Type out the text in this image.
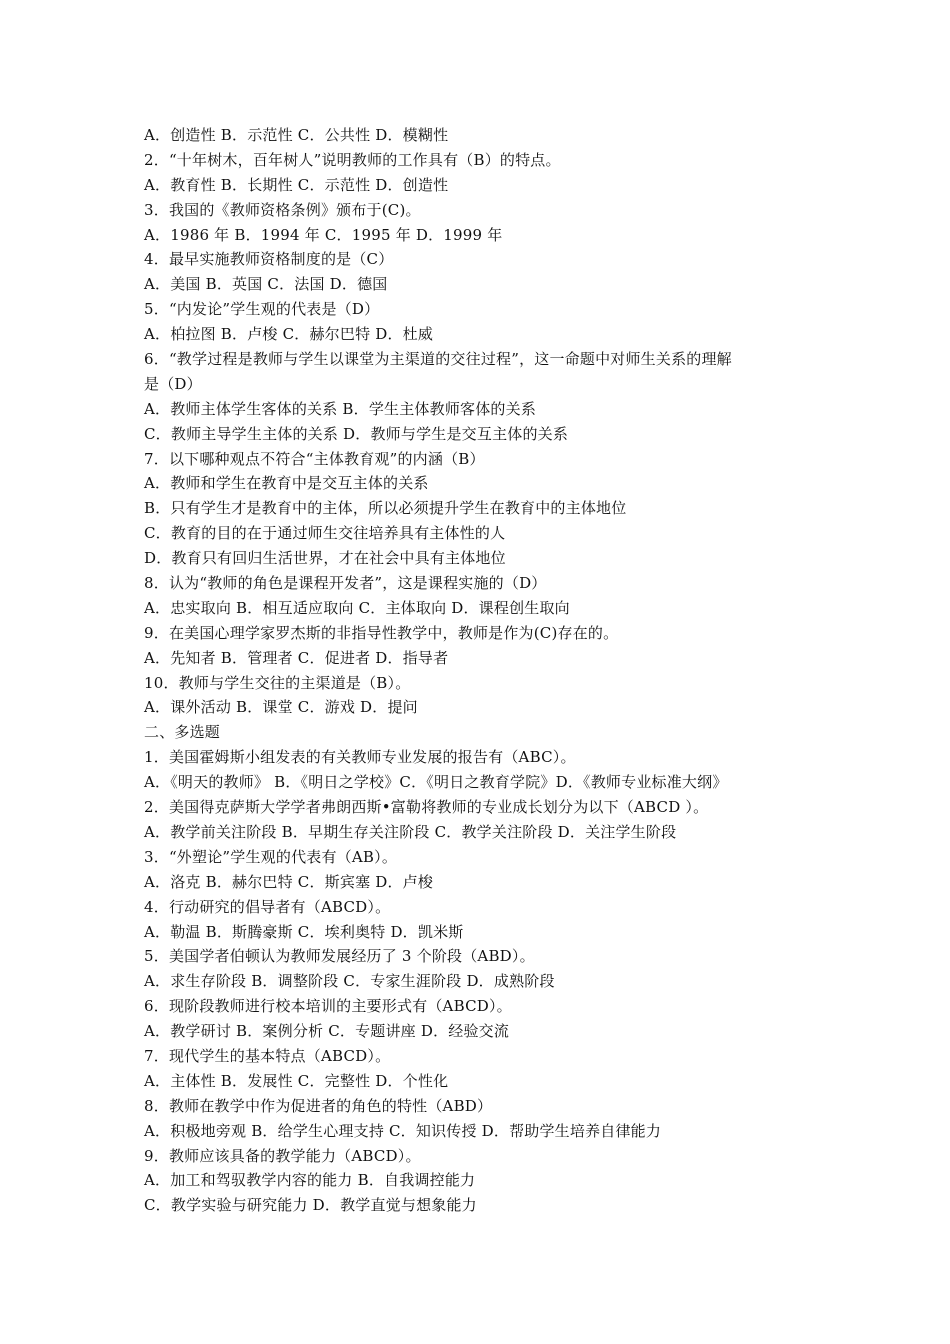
A．创造性 B．示范性 C．公共性 D．模糊性
2．“十年树木，百年树人”说明教师的工作具有（B）的特点。
A．教育性 B．长期性 C．示范性 D．创造性
3．我国的《教师资格条例》颁布于(C)。
A．1986 年 B．1994 年 C．1995 年 D．1999 年
4．最早实施教师资格制度的是（C）
A．美国 B．英国 C．法国 D．德国
5．“内发论”学生观的代表是（D）
A．柏拉图 B．卢梭 C．赫尔巴特 D．杜威
6．“教学过程是教师与学生以课堂为主渠道的交往过程”，这一命题中对师生关系的理解
是（D）
A．教师主体学生客体的关系 B．学生主体教师客体的关系
C．教师主导学生主体的关系 D．教师与学生是交互主体的关系
7．以下哪种观点不符合“主体教育观”的内涵（B）
A．教师和学生在教育中是交互主体的关系
B．只有学生才是教育中的主体，所以必须提升学生在教育中的主体地位
C．教育的目的在于通过师生交往培养具有主体性的人
D．教育只有回归生活世界，才在社会中具有主体地位
8．认为“教师的角色是课程开发者”，这是课程实施的（D）
A．忠实取向 B．相互适应取向 C．主体取向 D．课程创生取向
9．在美国心理学家罗杰斯的非指导性教学中，教师是作为(C)存在的。
A．先知者 B．管理者 C．促进者 D．指导者
10．教师与学生交往的主渠道是（B）。
A．课外活动 B．课堂 C．游戏 D．提问
二、多选题
1．美国霍姆斯小组发表的有关教师专业发展的报告有（ABC）。
A．《明天的教师》 B．《明日之学校》C．《明日之教育学院》D．《教师专业标准大纲》
2．美国得克萨斯大学学者弗朗西斯•富勒将教师的专业成长划分为以下（ABCD ）。
A．教学前关注阶段 B．早期生存关注阶段 C．教学关注阶段 D．关注学生阶段
3．“外塑论”学生观的代表有（AB）。
A．洛克 B．赫尔巴特 C．斯宾塞 D．卢梭
4．行动研究的倡导者有（ABCD）。
A．勒温 B．斯腾豪斯 C．埃利奥特 D．凯米斯
5．美国学者伯顿认为教师发展经历了 3 个阶段（ABD）。
A．求生存阶段 B．调整阶段 C．专家生涯阶段 D．成熟阶段
6．现阶段教师进行校本培训的主要形式有（ABCD）。
A．教学研讨 B．案例分析 C．专题讲座 D．经验交流
7．现代学生的基本特点（ABCD）。
A．主体性 B．发展性 C．完整性 D．个性化
8．教师在教学中作为促进者的角色的特性（ABD）
A．积极地旁观 B．给学生心理支持 C．知识传授 D．帮助学生培养自律能力
9．教师应该具备的教学能力（ABCD）。
A．加工和驾驭教学内容的能力 B．自我调控能力
C．教学实验与研究能力 D．教学直觉与想象能力
